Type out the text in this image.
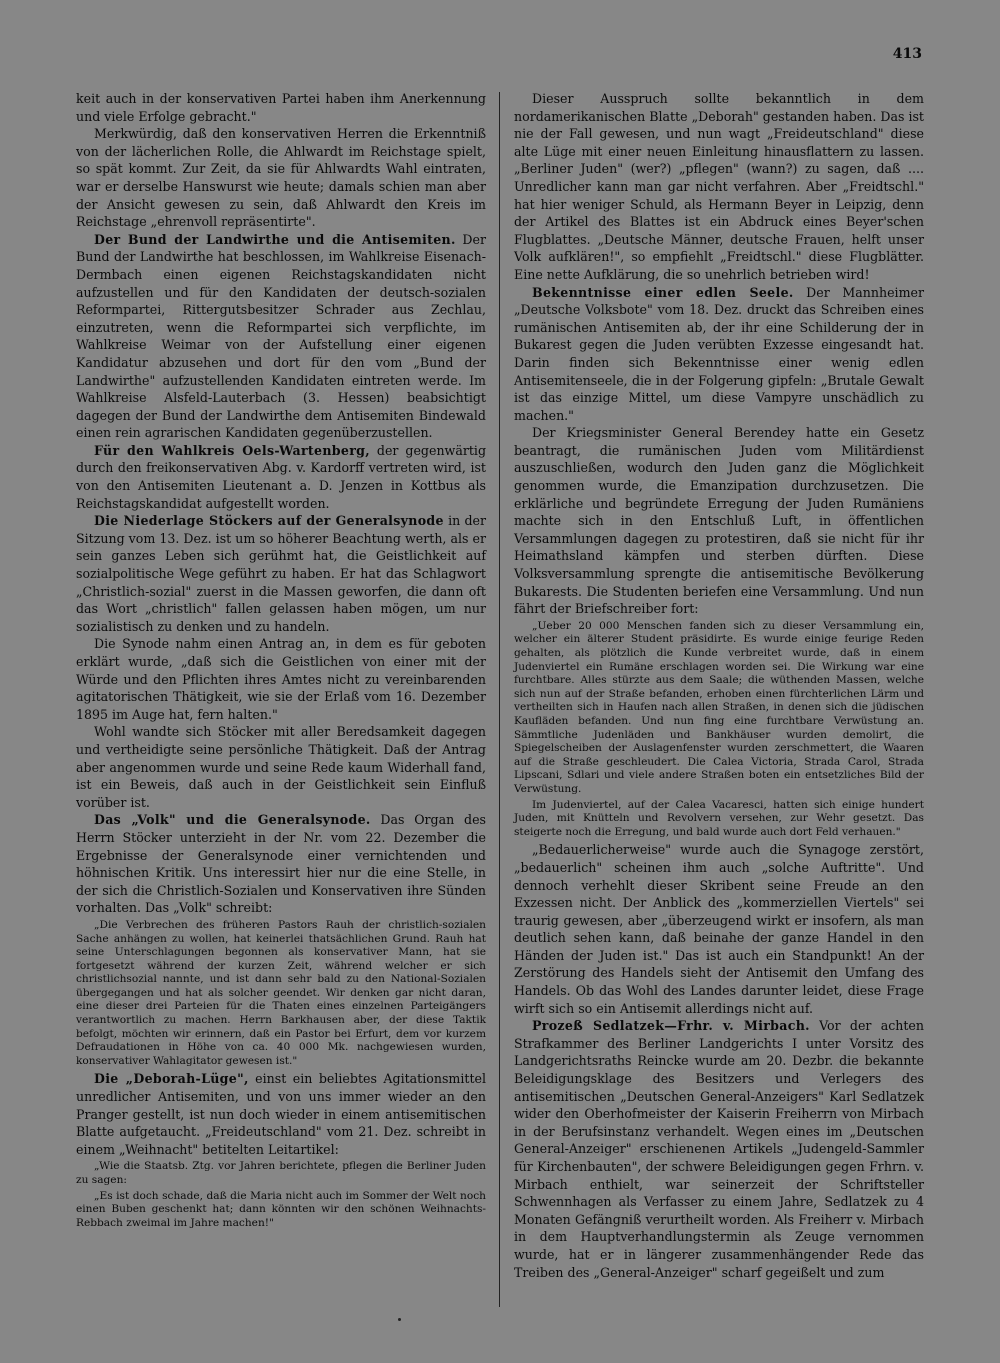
413

keit auch in der konservativen Partei haben ihm Anerkennung und viele Erfolge gebracht."

Merkwürdig, daß den konservativen Herren die Erkenntniß von der lächerlichen Rolle, die Ahlwardt im Reichstage spielt, so spät kommt. Zur Zeit, da sie für Ahlwardts Wahl eintraten, war er derselbe Hanswurst wie heute; damals schien man aber der Ansicht gewesen zu sein, daß Ahlwardt den Kreis im Reichstage „ehrenvoll repräsentirte".

Der Bund der Landwirthe und die Antisemiten. Der Bund der Landwirthe hat beschlossen, im Wahlkreise Eisenach-Dermbach einen eigenen Reichstagskandidaten nicht aufzustellen und für den Kandidaten der deutsch-sozialen Reformpartei, Rittergutsbesitzer Schrader aus Zechlau, einzutreten, wenn die Reformpartei sich verpflichte, im Wahlkreise Weimar von der Aufstellung einer eigenen Kandidatur abzusehen und dort für den vom „Bund der Landwirthe" aufzustellenden Kandidaten eintreten werde. Im Wahlkreise Alsfeld-Lauterbach (3. Hessen) beabsichtigt dagegen der Bund der Landwirthe dem Antisemiten Bindewald einen rein agrarischen Kandidaten gegenüberzustellen.

Für den Wahlkreis Oels-Wartenberg, der gegenwärtig durch den freikonservativen Abg. v. Kardorff vertreten wird, ist von den Antisemiten Lieutenant a. D. Jenzen in Kottbus als Reichstagskandidat aufgestellt worden.

Die Niederlage Stöckers auf der Generalsynode in der Sitzung vom 13. Dez. ist um so höherer Beachtung werth, als er sein ganzes Leben sich gerühmt hat, die Geistlichkeit auf sozialpolitische Wege geführt zu haben. Er hat das Schlagwort „Christlich-sozial" zuerst in die Massen geworfen, die dann oft das Wort „christlich" fallen gelassen haben mögen, um nur sozialistisch zu denken und zu handeln.

Die Synode nahm einen Antrag an, in dem es für geboten erklärt wurde, „daß sich die Geistlichen von einer mit der Würde und den Pflichten ihres Amtes nicht zu vereinbarenden agitatorischen Thätigkeit, wie sie der Erlaß vom 16. Dezember 1895 im Auge hat, fern halten."

Wohl wandte sich Stöcker mit aller Beredsamkeit dagegen und vertheidigte seine persönliche Thätigkeit. Daß der Antrag aber angenommen wurde und seine Rede kaum Widerhall fand, ist ein Beweis, daß auch in der Geistlichkeit sein Einfluß vorüber ist.

Das „Volk" und die Generalsynode. Das Organ des Herrn Stöcker unterzieht in der Nr. vom 22. Dezember die Ergebnisse der Generalsynode einer vernichtenden und höhnischen Kritik. Uns interessirt hier nur die eine Stelle, in der sich die Christlich-Sozialen und Konservativen ihre Sünden vorhalten. Das „Volk" schreibt:

„Die Verbrechen des früheren Pastors Rauh der christlich-sozialen Sache anhängen zu wollen, hat keinerlei thatsächlichen Grund. Rauh hat seine Unterschlagungen begonnen als konservativer Mann, hat sie fortgesetzt während der kurzen Zeit, während welcher er sich christlichsozial nannte, und ist dann sehr bald zu den National-Sozialen übergegangen und hat als solcher geendet. Wir denken gar nicht daran, eine dieser drei Parteien für die Thaten eines einzelnen Parteigängers verantwortlich zu machen. Herrn Barkhausen aber, der diese Taktik befolgt, möchten wir erinnern, daß ein Pastor bei Erfurt, dem vor kurzem Defraudationen in Höhe von ca. 40 000 Mk. nachgewiesen wurden, konservativer Wahlagitator gewesen ist."

Die „Deborah-Lüge", einst ein beliebtes Agitationsmittel unredlicher Antisemiten, und von uns immer wieder an den Pranger gestellt, ist nun doch wieder in einem antisemitischen Blatte aufgetaucht. „Freideutschland" vom 21. Dez. schreibt in einem „Weihnacht" betitelten Leitartikel:

„Wie die Staatsb. Ztg. vor Jahren berichtete, pflegen die Berliner Juden zu sagen:

„Es ist doch schade, daß die Maria nicht auch im Sommer der Welt noch einen Buben geschenkt hat; dann könnten wir den schönen Weihnachts-Rebbach zweimal im Jahre machen!"

Dieser Ausspruch sollte bekanntlich in dem nordamerikanischen Blatte „Deborah" gestanden haben. Das ist nie der Fall gewesen, und nun wagt „Freideutschland" diese alte Lüge mit einer neuen Einleitung hinausflattern zu lassen. „Berliner Juden" (wer?) „pflegen" (wann?) zu sagen, daß .... Unredlicher kann man gar nicht verfahren. Aber „Freidtschl." hat hier weniger Schuld, als Hermann Beyer in Leipzig, denn der Artikel des Blattes ist ein Abdruck eines Beyer'schen Flugblattes. „Deutsche Männer, deutsche Frauen, helft unser Volk aufklären!", so empfiehlt „Freidtschl." diese Flugblätter. Eine nette Aufklärung, die so unehrlich betrieben wird!

Bekenntnisse einer edlen Seele. Der Mannheimer „Deutsche Volksbote" vom 18. Dez. druckt das Schreiben eines rumänischen Antisemiten ab, der ihr eine Schilderung der in Bukarest gegen die Juden verübten Exzesse eingesandt hat. Darin finden sich Bekenntnisse einer wenig edlen Antisemitenseele, die in der Folgerung gipfeln: „Brutale Gewalt ist das einzige Mittel, um diese Vampyre unschädlich zu machen."

Der Kriegsminister General Berendey hatte ein Gesetz beantragt, die rumänischen Juden vom Militärdienst auszuschließen, wodurch den Juden ganz die Möglichkeit genommen wurde, die Emanzipation durchzusetzen. Die erklärliche und begründete Erregung der Juden Rumäniens machte sich in den Entschluß Luft, in öffentlichen Versammlungen dagegen zu protestiren, daß sie nicht für ihr Heimathsland kämpfen und sterben dürften. Diese Volksversammlung sprengte die antisemitische Bevölkerung Bukarests. Die Studenten beriefen eine Versammlung. Und nun fährt der Briefschreiber fort:

„Ueber 20 000 Menschen fanden sich zu dieser Versammlung ein, welcher ein älterer Student präsidirte. Es wurde einige feurige Reden gehalten, als plötzlich die Kunde verbreitet wurde, daß in einem Judenviertel ein Rumäne erschlagen worden sei. Die Wirkung war eine furchtbare. Alles stürzte aus dem Saale; die wüthenden Massen, welche sich nun auf der Straße befanden, erhoben einen fürchterlichen Lärm und vertheilten sich in Haufen nach allen Straßen, in denen sich die jüdischen Kaufläden befanden. Und nun fing eine furchtbare Verwüstung an. Sämmtliche Judenläden und Bankhäuser wurden demolirt, die Spiegelscheiben der Auslagenfenster wurden zerschmettert, die Waaren auf die Straße geschleudert. Die Calea Victoria, Strada Carol, Strada Lipscani, Sdlari und viele andere Straßen boten ein entsetzliches Bild der Verwüstung.

Im Judenviertel, auf der Calea Vacaresci, hatten sich einige hundert Juden, mit Knütteln und Revolvern versehen, zur Wehr gesetzt. Das steigerte noch die Erregung, und bald wurde auch dort Feld verhauen."

„Bedauerlicherweise" wurde auch die Synagoge zerstört, „bedauerlich" scheinen ihm auch „solche Auftritte". Und dennoch verhehlt dieser Skribent seine Freude an den Exzessen nicht. Der Anblick des „kommerziellen Viertels" sei traurig gewesen, aber „überzeugend wirkt er insofern, als man deutlich sehen kann, daß beinahe der ganze Handel in den Händen der Juden ist." Das ist auch ein Standpunkt! An der Zerstörung des Handels sieht der Antisemit den Umfang des Handels. Ob das Wohl des Landes darunter leidet, diese Frage wirft sich so ein Antisemit allerdings nicht auf.

Prozeß Sedlatzek—Frhr. v. Mirbach. Vor der achten Strafkammer des Berliner Landgerichts I unter Vorsitz des Landgerichtsraths Reincke wurde am 20. Dezbr. die bekannte Beleidigungsklage des Besitzers und Verlegers des antisemitischen „Deutschen General-Anzeigers" Karl Sedlatzek wider den Oberhofmeister der Kaiserin Freiherrn von Mirbach in der Berufsinstanz verhandelt. Wegen eines im „Deutschen General-Anzeiger" erschienenen Artikels „Judengeld-Sammler für Kirchenbauten", der schwere Beleidigungen gegen Frhrn. v. Mirbach enthielt, war seinerzeit der Schriftsteller Schwennhagen als Verfasser zu einem Jahre, Sedlatzek zu 4 Monaten Gefängniß verurtheilt worden. Als Freiherr v. Mirbach in dem Hauptverhandlungstermin als Zeuge vernommen wurde, hat er in längerer zusammenhängender Rede das Treiben des „General-Anzeiger" scharf gegeißelt und zum
